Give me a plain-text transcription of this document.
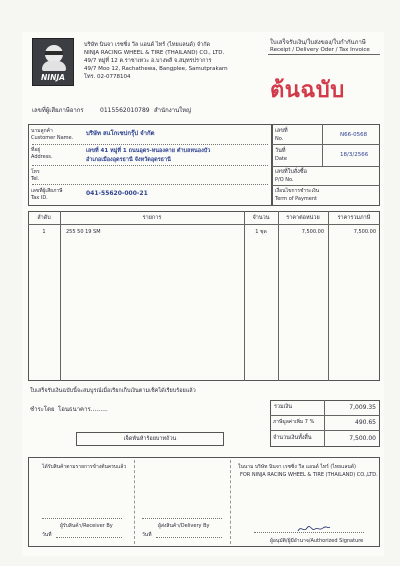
NINJA
บริษัท นินจา เรซซิ่ง วีล แอนด์ ไทร์ (ไทยแลนด์) จำกัด
NINJA RACING WHEEL & TIRE (THAILAND) CO., LTD.
49/7 หมู่ที่ 12 ต.ราชาเทวะ อ.บางพลี จ.สมุทรปราการ
49/7 Moo 12, Rachathewa, Bangplee, Samutprakarn
โทร. 02-0778104
ใบเสร็จรับเงิน/ใบส่งของ/ใบกำกับภาษี
Receipt / Delivery Oder / Tax Invoice
ต้นฉบับ
เลขที่ผู้เสียภาษีอากร	0115562010789 สำนักงานใหญ่
นามลูกค้า
Customer Name.
บริษัท สแโกเซปกรุ๊ป จำกัด
ที่อยู่
Address.
เลขที่ 41 หมู่ที่ 1 ถนนอุดร-หนองคาย ตำบลหนองบัว
อำเภอเมืองอุดรธานี จังหวัดอุดรธานี
โทร
Tel.
เลขที่ผู้เสียภาษี
Tax ID.
041-55620-000-21
เลขที่
No.
N66-0568
วันที่
Date
18/3/2566
เลขที่ใบสั่งซื้อ
P/O No.
เงื่อนไขการชำระเงิน
Term of Payment
ลำดับ	รายการ	จำนวน	ราคาต่อหน่วย	ราคารวมภาษี
1	255 50 19 SM	1 ชุด	7,500.00	7,500.00
ใบเสร็จรับเงินฉบับนี้จะสมบูรณ์เมื่อเรียกเก็บเงินตามเช็คได้เรียบร้อยแล้ว
ชำระโดย โอนธนาคาร.........	รวมเงิน	7,009.35
ภาษีมูลค่าเพิ่ม 7 %	490.65
จำนวนเงินทั้งสิ้น	7,500.00
เจ็ดพันห้าร้อยบาทถ้วน
ได้รับสินค้าตามรายการข้างต้นครบแล้ว
ผู้รับสินค้า/Receiver By
วันที่
ผู้ส่งสินค้า/Delivery By
วันที่
ในนาม บริษัท นินจา เรซซิ่ง วีล แอนด์ ไทร์ (ไทยแลนด์)
FOR NINJA RACING WHEEL & TIRE (THAILAND) CO.,LTD.
ผู้อนุมัติ/ผู้มีอำนาจ/Authorized Signature
